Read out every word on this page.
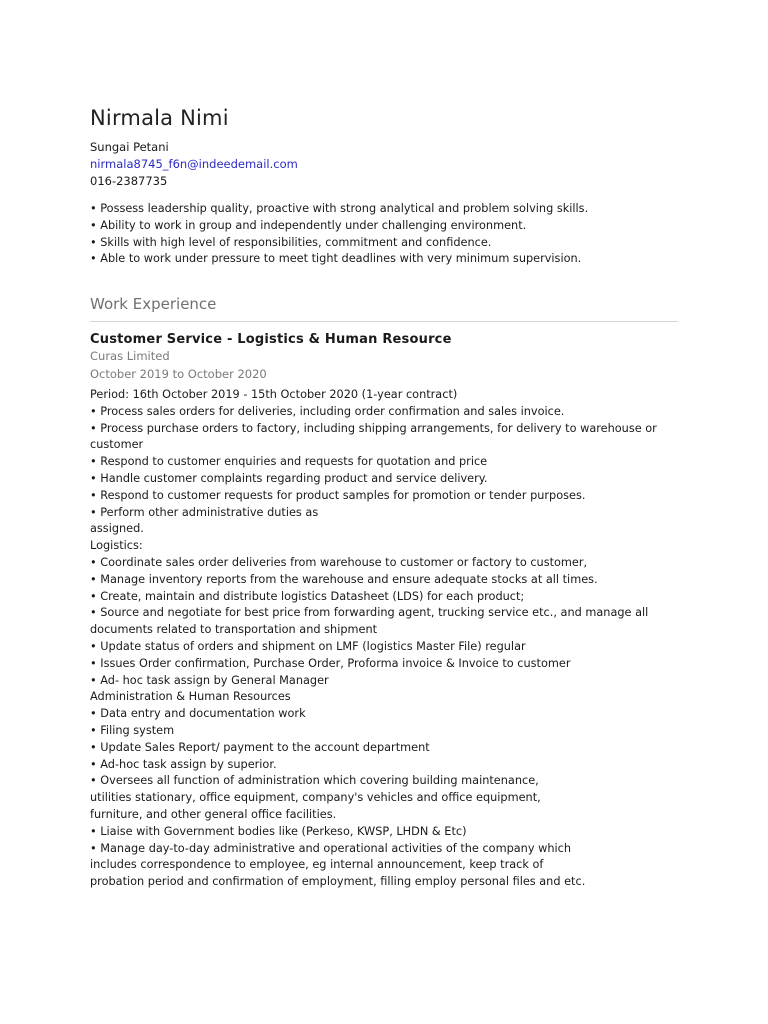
Nirmala Nimi
Sungai Petani
nirmala8745_f6n@indeedemail.com
016-2387735
• Possess leadership quality, proactive with strong analytical and problem solving skills.
• Ability to work in group and independently under challenging environment.
• Skills with high level of responsibilities, commitment and confidence.
• Able to work under pressure to meet tight deadlines with very minimum supervision.
Work Experience
Customer Service - Logistics & Human Resource
Curas Limited
October 2019 to October 2020
Period: 16th October 2019 - 15th October 2020 (1-year contract)
• Process sales orders for deliveries, including order confirmation and sales invoice.
• Process purchase orders to factory, including shipping arrangements, for delivery to warehouse or
customer
• Respond to customer enquiries and requests for quotation and price
• Handle customer complaints regarding product and service delivery.
• Respond to customer requests for product samples for promotion or tender purposes.
• Perform other administrative duties as
assigned.
Logistics:
• Coordinate sales order deliveries from warehouse to customer or factory to customer,
• Manage inventory reports from the warehouse and ensure adequate stocks at all times.
• Create, maintain and distribute logistics Datasheet (LDS) for each product;
• Source and negotiate for best price from forwarding agent, trucking service etc., and manage all
documents related to transportation and shipment
• Update status of orders and shipment on LMF (logistics Master File) regular
• Issues Order confirmation, Purchase Order, Proforma invoice & Invoice to customer
• Ad- hoc task assign by General Manager
Administration & Human Resources
• Data entry and documentation work
• Filing system
• Update Sales Report/ payment to the account department
• Ad-hoc task assign by superior.
• Oversees all function of administration which covering building maintenance,
utilities stationary, office equipment, company's vehicles and office equipment,
furniture, and other general office facilities.
• Liaise with Government bodies like (Perkeso, KWSP, LHDN & Etc)
• Manage day-to-day administrative and operational activities of the company which
includes correspondence to employee, eg internal announcement, keep track of
probation period and confirmation of employment, filling employ personal files and etc.
